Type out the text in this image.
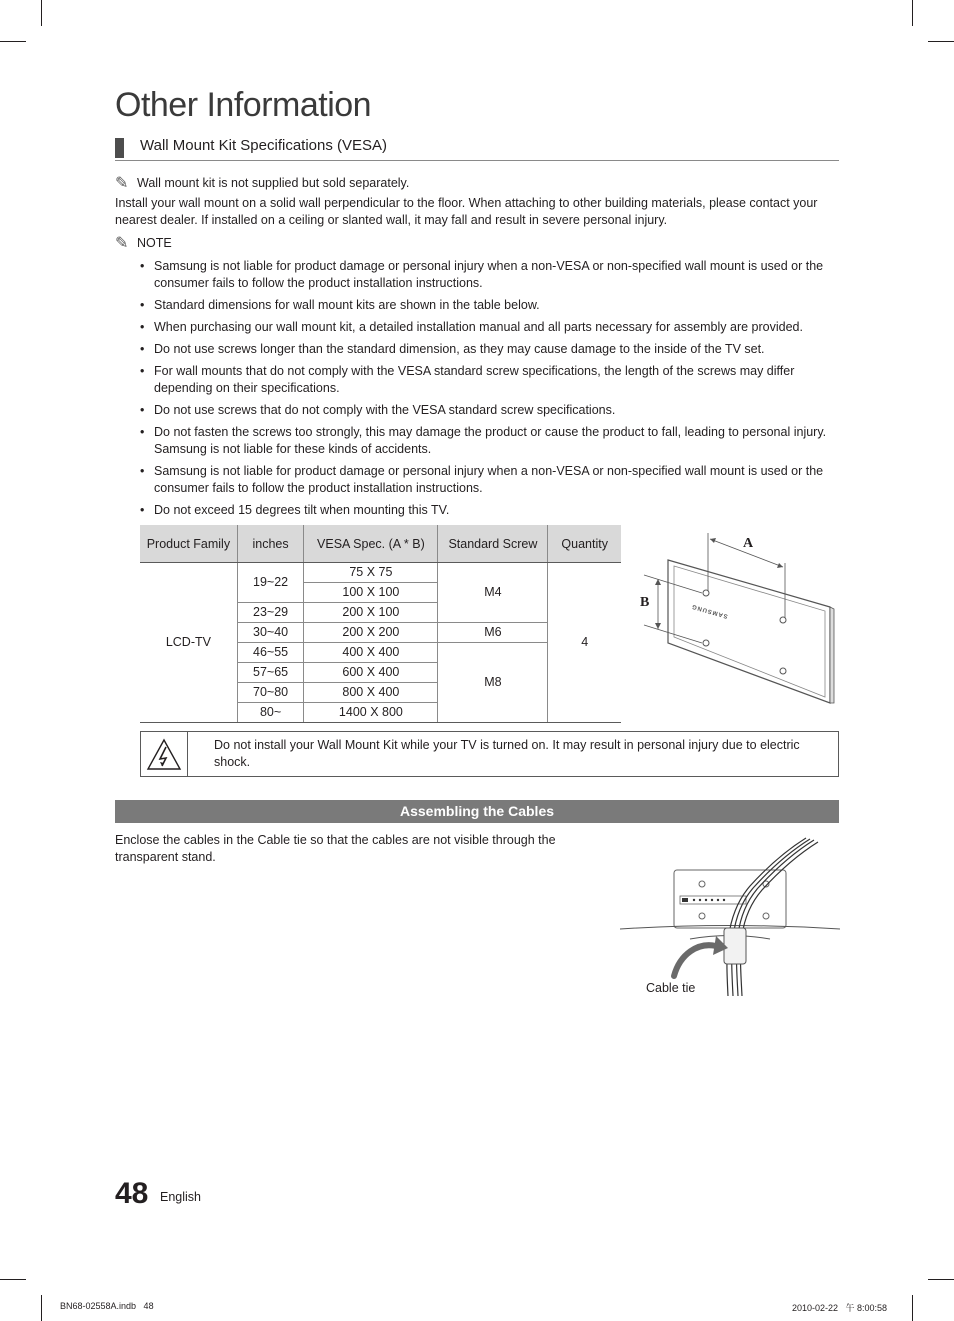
Other Information
Wall Mount Kit Specifications (VESA)
✎ Wall mount kit is not supplied but sold separately.
Install your wall mount on a solid wall perpendicular to the floor. When attaching to other building materials, please contact your nearest dealer. If installed on a ceiling or slanted wall, it may fall and result in severe personal injury.
✎ NOTE
• Samsung is not liable for product damage or personal injury when a non-VESA or non-specified wall mount is used or the consumer fails to follow the product installation instructions.
• Standard dimensions for wall mount kits are shown in the table below.
• When purchasing our wall mount kit, a detailed installation manual and all parts necessary for assembly are provided.
• Do not use screws longer than the standard dimension, as they may cause damage to the inside of the TV set.
• For wall mounts that do not comply with the VESA standard screw specifications, the length of the screws may differ depending on their specifications.
• Do not use screws that do not comply with the VESA standard screw specifications.
• Do not fasten the screws too strongly, this may damage the product or cause the product to fall, leading to personal injury. Samsung is not liable for these kinds of accidents.
• Samsung is not liable for product damage or personal injury when a non-VESA or non-specified wall mount is used or the consumer fails to follow the product installation instructions.
• Do not exceed 15 degrees tilt when mounting this TV.
Product Family	inches	VESA Spec. (A * B)	Standard Screw	Quantity
LCD-TV	19~22	75 X 75	M4	4
		100 X 100		
	23~29	200 X 100		
	30~40	200 X 200	M6	
	46~55	400 X 400	M8	
	57~65	600 X 400		
	70~80	800 X 400		
	80~	1400 X 800		
A
B
SAMSUNG
Do not install your Wall Mount Kit while your TV is turned on. It may result in personal injury due to electric shock.
Assembling the Cables
Enclose the cables in the Cable tie so that the cables are not visible through the transparent stand.
Cable tie
48 English
BN68-02558A.indb   48	2010-02-22   午 8:00:58
